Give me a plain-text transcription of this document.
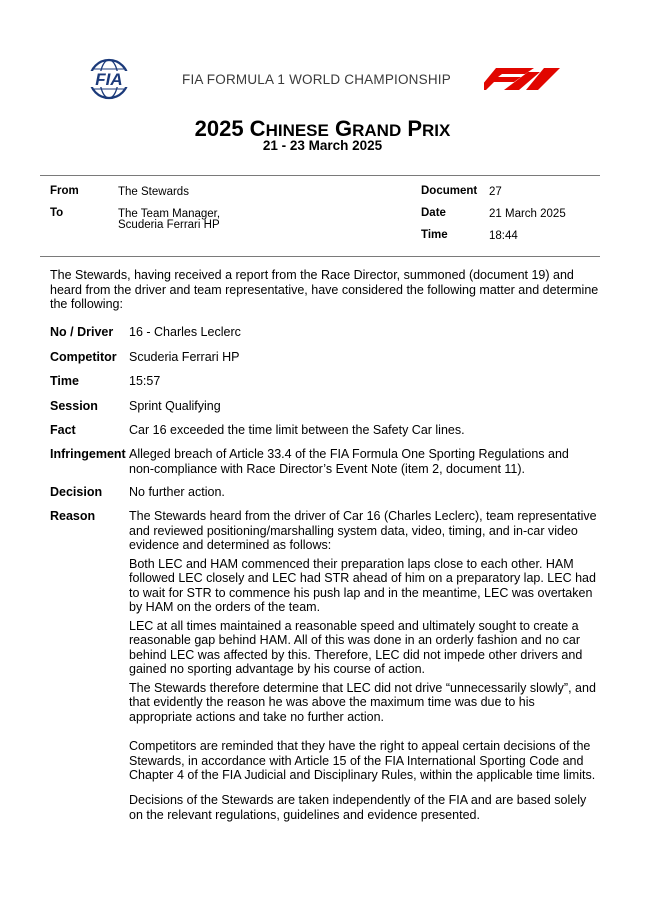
FIA	FIA FORMULA 1 WORLD CHAMPIONSHIP
2025 CHINESE GRAND PRIX
21 - 23 March 2025
From	The Stewards
To	The Team Manager,
Scuderia Ferrari HP
Document 27
Date	21 March 2025
Time	18:44
The Stewards, having received a report from the Race Director, summoned (document 19) and heard from the driver and team representative, have considered the following matter and determine the following:
No / Driver 16 - Charles Leclerc
Competitor Scuderia Ferrari HP
Time	15:57
Session Sprint Qualifying
Fact	Car 16 exceeded the time limit between the Safety Car lines.
Infringement Alleged breach of Article 33.4 of the FIA Formula One Sporting Regulations and non-compliance with Race Director’s Event Note (item 2, document 11).
Decision No further action.
Reason	The Stewards heard from the driver of Car 16 (Charles Leclerc), team representative and reviewed positioning/marshalling system data, video, timing, and in-car video evidence and determined as follows:

Both LEC and HAM commenced their preparation laps close to each other. HAM followed LEC closely and LEC had STR ahead of him on a preparatory lap. LEC had to wait for STR to commence his push lap and in the meantime, LEC was overtaken by HAM on the orders of the team.

LEC at all times maintained a reasonable speed and ultimately sought to create a reasonable gap behind HAM. All of this was done in an orderly fashion and no car behind LEC was affected by this. Therefore, LEC did not impede other drivers and gained no sporting advantage by his course of action.

The Stewards therefore determine that LEC did not drive “unnecessarily slowly”, and that evidently the reason he was above the maximum time was due to his appropriate actions and take no further action.

Competitors are reminded that they have the right to appeal certain decisions of the Stewards, in accordance with Article 15 of the FIA International Sporting Code and Chapter 4 of the FIA Judicial and Disciplinary Rules, within the applicable time limits.
Decisions of the Stewards are taken independently of the FIA and are based solely on the relevant regulations, guidelines and evidence presented.
